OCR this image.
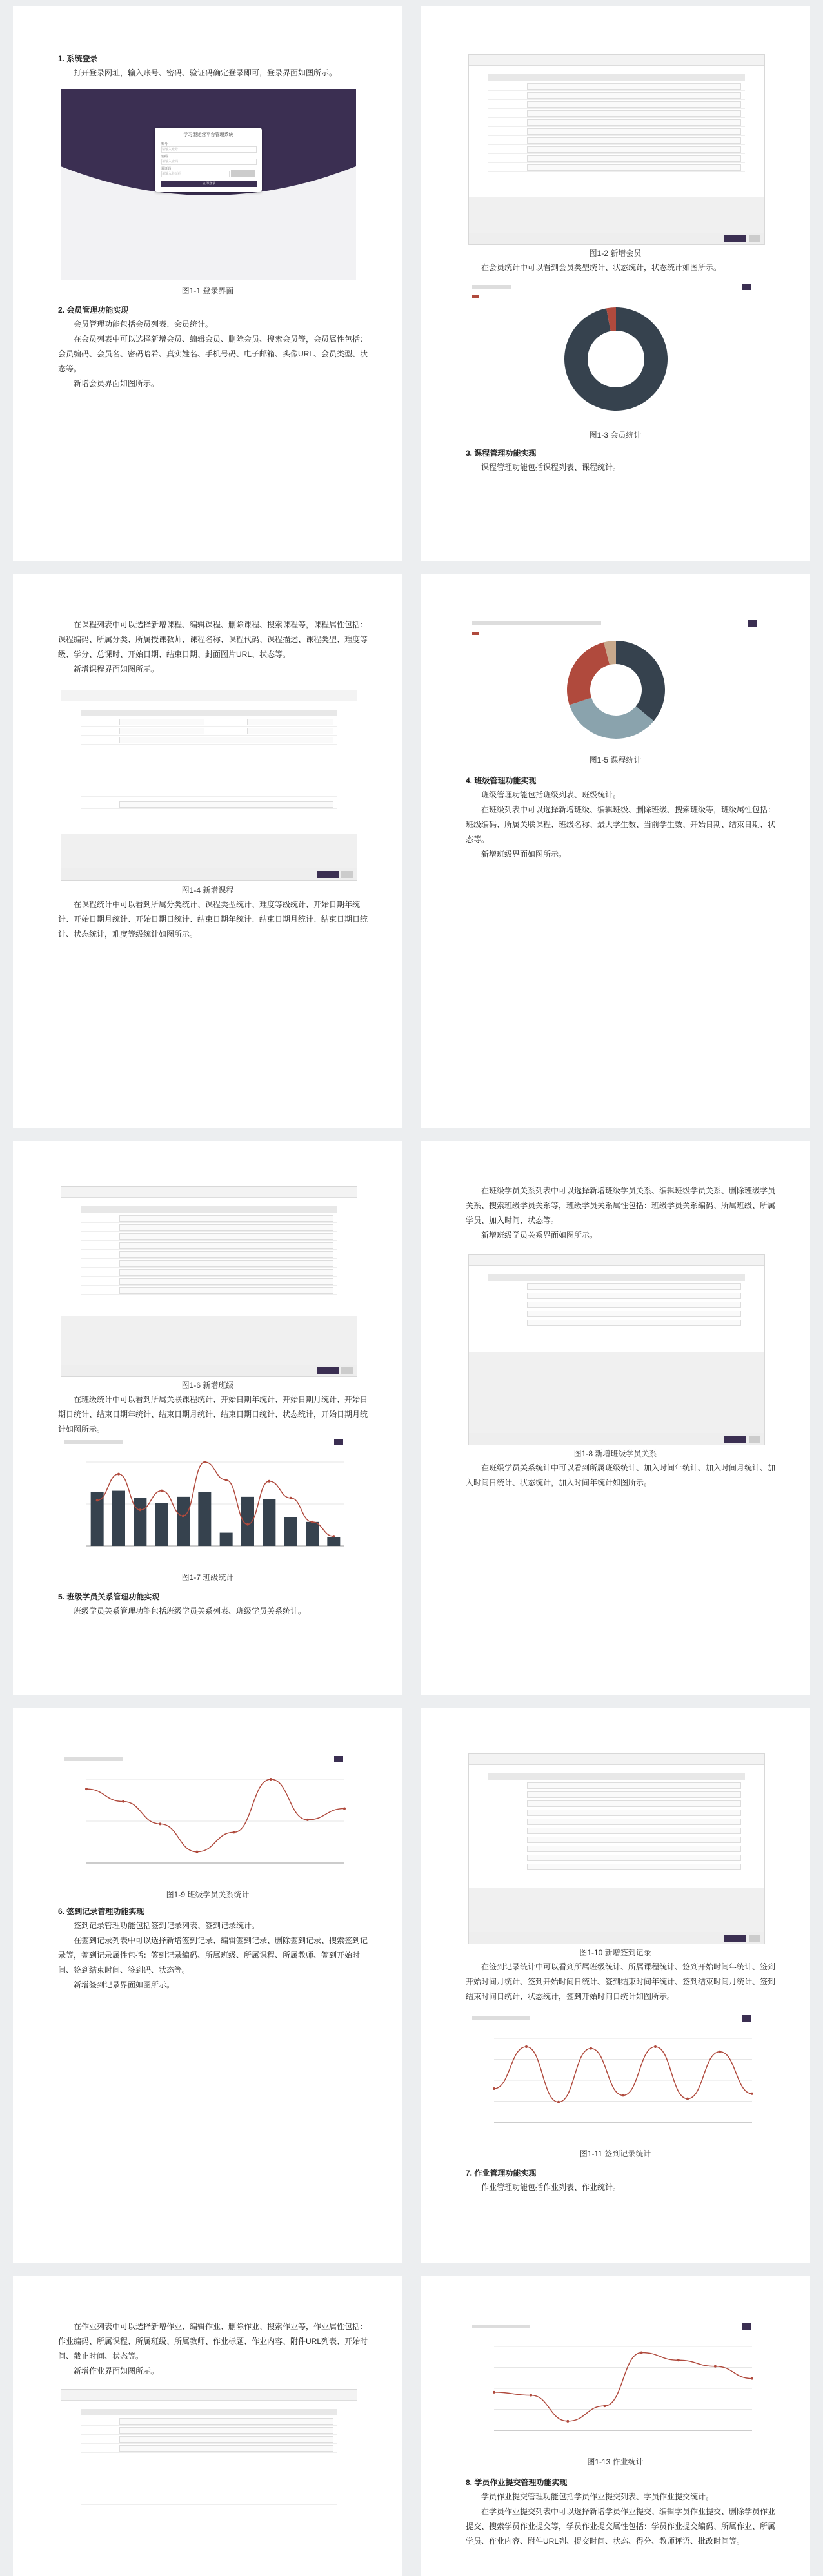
1. 系统登录

打开登录网址，输入账号、密码、验证码确定登录即可，登录界面如图所示。

学习型运营平台管理系统
账号
请输入账号
密码
请输入密码
验证码
请输入验证码
立即登录
图1-1 登录界面
2. 会员管理功能实现

会员管理功能包括会员列表、会员统计。

在会员列表中可以选择新增会员、编辑会员、删除会员、搜索会员等，会员属性包括：会员编码、会员名、密码哈希、真实姓名、手机号码、电子邮箱、头像URL、会员类型、状态等。

新增会员界面如图所示。

图1-2 新增会员

在会员统计中可以看到会员类型统计、状态统计，状态统计如图所示。

图1-3 会员统计
3. 课程管理功能实现

课程管理功能包括课程列表、课程统计。

在课程列表中可以选择新增课程、编辑课程、删除课程、搜索课程等，课程属性包括：课程编码、所属分类、所属授课教师、课程名称、课程代码、课程描述、课程类型、难度等级、学分、总课时、开始日期、结束日期、封面图片URL、状态等。

新增课程界面如图所示。

图1-4 新增课程

在课程统计中可以看到所属分类统计、课程类型统计、难度等级统计、开始日期年统计、开始日期月统计、开始日期日统计、结束日期年统计、结束日期月统计、结束日期日统计、状态统计，难度等级统计如图所示。

图1-5 课程统计
4. 班级管理功能实现

班级管理功能包括班级列表、班级统计。

在班级列表中可以选择新增班级、编辑班级、删除班级、搜索班级等，班级属性包括：班级编码、所属关联课程、班级名称、最大学生数、当前学生数、开始日期、结束日期、状态等。

新增班级界面如图所示。

图1-6 新增班级

在班级统计中可以看到所属关联课程统计、开始日期年统计、开始日期月统计、开始日期日统计、结束日期年统计、结束日期月统计、结束日期日统计、状态统计，开始日期月统计如图所示。

图1-7 班级统计
5. 班级学员关系管理功能实现

班级学员关系管理功能包括班级学员关系列表、班级学员关系统计。

在班级学员关系列表中可以选择新增班级学员关系、编辑班级学员关系、删除班级学员关系、搜索班级学员关系等，班级学员关系属性包括：班级学员关系编码、所属班级、所属学员、加入时间、状态等。

新增班级学员关系界面如图所示。

图1-8 新增班级学员关系

在班级学员关系统计中可以看到所属班级统计、加入时间年统计、加入时间月统计、加入时间日统计、状态统计，加入时间年统计如图所示。

图1-9 班级学员关系统计
6. 签到记录管理功能实现

签到记录管理功能包括签到记录列表、签到记录统计。

在签到记录列表中可以选择新增签到记录、编辑签到记录、删除签到记录、搜索签到记录等，签到记录属性包括：签到记录编码、所属班级、所属课程、所属教师、签到开始时间、签到结束时间、签到码、状态等。

新增签到记录界面如图所示。

图1-10 新增签到记录

在签到记录统计中可以看到所属班级统计、所属课程统计、签到开始时间年统计、签到开始时间月统计、签到开始时间日统计、签到结束时间年统计、签到结束时间月统计、签到结束时间日统计、状态统计，签到开始时间日统计如图所示。

图1-11 签到记录统计
7. 作业管理功能实现

作业管理功能包括作业列表、作业统计。

在作业列表中可以选择新增作业、编辑作业、删除作业、搜索作业等，作业属性包括：作业编码、所属课程、所属班级、所属教师、作业标题、作业内容、附件URL列表、开始时间、截止时间、状态等。

新增作业界面如图所示。

图1-13 作业统计
8. 学员作业提交管理功能实现

学员作业提交管理功能包括学员作业提交列表、学员作业提交统计。

在学员作业提交列表中可以选择新增学员作业提交、编辑学员作业提交、删除学员作业提交、搜索学员作业提交等，学员作业提交属性包括：学员作业提交编码、所属作业、所属学员、作业内容、附件URL列、提交时间、状态、得分、教师评语、批改时间等。
